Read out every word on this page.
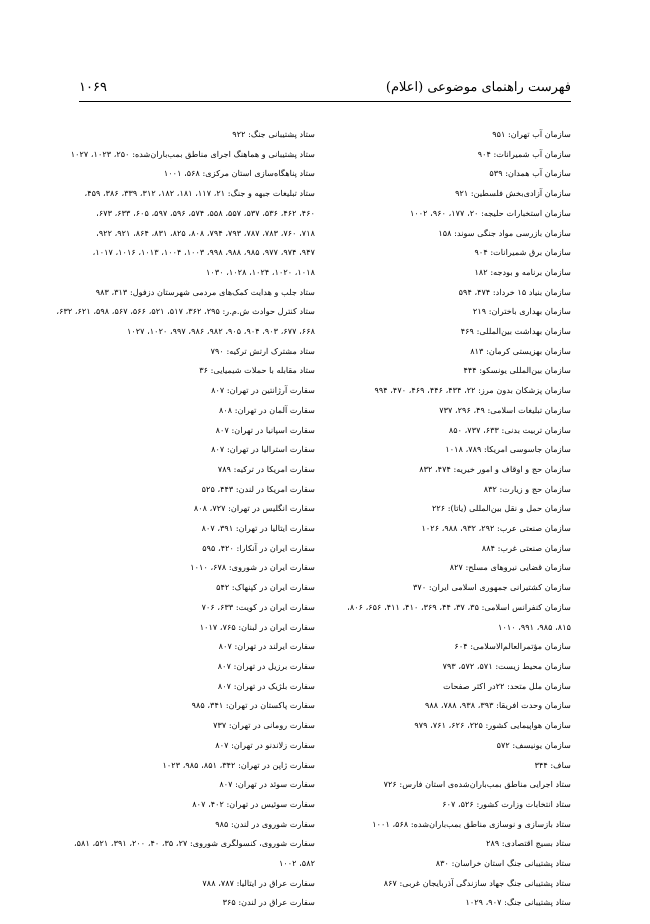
فهرست راهنمای موضوعی (اعلام)
۱۰۶۹
سازمان آب تهران: ۹۵۱
سازمان آب شمیرانات: ۹۰۴
سازمان آب همدان: ۵۳۹
سازمان آزادی‌بخش فلسطین: ۹۲۱
سازمان استخبارات حلیجه: ۲۰، ۱۷۷، ۹۶۰، ۱۰۰۲
سازمان بازرسی مواد جنگی سوند: ۱۵۸
سازمان برق شمیرانات: ۹۰۴
سازمان برنامه و بودجه: ۱۸۲
سازمان بنیاد ۱۵ خرداد: ۴۷۴، ۵۹۴
سازمان بهداری باختران: ۲۱۹
سازمان بهداشت بین‌المللی: ۴۶۹
سازمان بهزیستی کرمان: ۸۱۳
سازمان بین‌المللی یونسکو: ۴۴۴
سازمان پزشکان بدون مرز: ۲۲، ۴۳۴، ۴۴۶، ۴۶۹، ۴۷۰، ۹۹۴
سازمان تبلیغات اسلامی: ۴۹، ۲۹۶، ۷۳۷
سازمان تربیت بدنی: ۶۳۳، ۷۳۷، ۸۵۰
سازمان جاسوسی امریکا: ۷۸۹، ۱۰۱۸
سازمان حج و اوقاف و امور خیریه: ۴۷۴، ۸۳۲
سازمان حج و زیارت: ۸۳۲
سازمان حمل و نقل بین‌المللی (یاتا): ۲۲۶
سازمان صنعتی عرب: ۲۹۲، ۹۳۲، ۹۸۸، ۱۰۲۶
سازمان صنعتی غرب: ۸۸۴
سازمان قضایی نیروهای مسلح: ۸۲۷
سازمان کشتیرانی جمهوری اسلامی ایران: ۳۷۰
سازمان کنفرانس اسلامی: ۳۵، ۳۷، ۴۴، ۳۶۹، ۴۱۰، ۴۱۱، ۶۵۶، ۸۰۶،
۸۱۵، ۹۸۵، ۹۹۱، ۱۰۱۰
سازمان مؤتمرالعالم‌الاسلامی: ۶۰۴
سازمان محیط زیست: ۵۷۱، ۵۷۲، ۷۹۳
سازمان ملل متحد: ۲۲در اکثر صفحات
سازمان وحدت افریقا: ۳۹۳، ۹۳۸، ۷۸۸، ۹۸۸
سازمان هواپیمایی کشور: ۲۲۵، ۶۲۶، ۷۶۱، ۹۷۹
سازمان یونیسف: ۵۷۲
ساف: ۳۴۴
ستاد اجرایی مناطق بمب‌باران‌شده‌ی استان فارس: ۷۲۶
ستاد انتخابات وزارت کشور: ۵۲۶، ۶۰۷
ستاد بازسازی و نوسازی مناطق بمب‌باران‌شده: ۵۶۸، ۱۰۰۱
ستاد بسیج اقتصادی: ۲۸۹
ستاد پشتیبانی جنگ استان خراسان: ۸۳۰
ستاد پشتیبانی جنگ جهاد سازندگی آذربایجان غربی: ۸۶۷
ستاد پشتیبانی جنگ: ۹۰۷، ۱۰۲۹
ستاد پشتیبانی جنگ: ۹۲۲
ستاد پشتیبانی و هماهنگ اجرای مناطق بمب‌باران‌شده: ۲۵۰، ۱۰۲۳، ۱۰۲۷
ستاد پناهگاه‌سازی استان مرکزی: ۵۶۸، ۱۰۰۱
ستاد تبلیغات جبهه و جنگ: ۲۱، ۱۱۷، ۱۸۱، ۱۸۲، ۳۱۲، ۳۳۹، ۳۸۶، ۴۵۹،
۴۶۰، ۴۶۲، ۵۳۶، ۵۳۷، ۵۵۷، ۵۵۸، ۵۷۴، ۵۹۶، ۵۹۷، ۶۰۵، ۶۳۳، ۶۷۳،
۷۱۸، ۷۶۰، ۷۸۳، ۷۸۷، ۷۹۳، ۷۹۴، ۸۰۸، ۸۲۵، ۸۳۱، ۸۶۴، ۹۲۱، ۹۲۲،
۹۴۷، ۹۷۴، ۹۷۷، ۹۸۵، ۹۸۸، ۹۹۸، ۱۰۰۳، ۱۰۰۴، ۱۰۱۳، ۱۰۱۶، ۱۰۱۷،
۱۰۱۸، ۱۰۲۰، ۱۰۲۴، ۱۰۲۸، ۱۰۳۰
ستاد جلب و هدایت کمک‌های مردمی شهرستان دزفول: ۳۱۳، ۹۸۳
ستاد کنترل حوادث ش.م.ر: ۲۹۵، ۳۶۲، ۵۱۷، ۵۲۱، ۵۶۶، ۵۶۷، ۵۹۸، ۶۲۱، ۶۳۲،
۶۶۸، ۶۷۷، ۹۰۳، ۹۰۴، ۹۰۵، ۹۸۲، ۹۸۶، ۹۹۷، ۱۰۲۰، ۱۰۲۷
ستاد مشترک ارتش ترکیه: ۷۹۰
ستاد مقابله با حملات شیمیایی: ۳۶
سفارت آرژانتین در تهران: ۸۰۷
سفارت آلمان در تهران: ۸۰۸
سفارت اسپانیا در تهران: ۸۰۷
سفارت استرالیا در تهران: ۸۰۷
سفارت امریکا در ترکیه: ۷۸۹
سفارت امریکا در لندن: ۴۴۳، ۵۲۵
سفارت انگلیس در تهران: ۷۲۷، ۸۰۸
سفارت ایتالیا در تهران: ۳۹۱، ۸۰۷
سفارت ایران در آنکارا: ۴۲۰، ۵۹۵
سفارت ایران در شوروی: ۶۷۸، ۱۰۱۰
سفارت ایران در کپنهاک: ۵۴۲
سفارت ایران در کویت: ۶۳۳، ۷۰۶
سفارت ایران در لبنان: ۷۶۵، ۱۰۱۷
سفارت ایرلند در تهران: ۸۰۷
سفارت برزیل در تهران: ۸۰۷
سفارت بلژیک در تهران: ۸۰۷
سفارت پاکستان در تهران: ۳۴۱، ۹۸۵
سفارت رومانی در تهران: ۷۳۷
سفارت زلاندنو در تهران: ۸۰۷
سفارت ژاپن در تهران: ۳۴۲، ۸۵۱، ۹۸۵، ۱۰۲۳
سفارت سوئد در تهران: ۸۰۷
سفارت سوئیس در تهران: ۴۰۲، ۸۰۷
سفارت شوروی در لندن: ۹۸۵
سفارت شوروی، کنسولگری شوروی: ۲۷، ۳۵، ۴۰، ۲۰۰، ۳۹۱، ۵۲۱، ۵۸۱،
۵۸۲، ۱۰۰۲
سفارت عراق در ایتالیا: ۷۸۷، ۷۸۸
سفارت عراق در لندن: ۳۶۵
